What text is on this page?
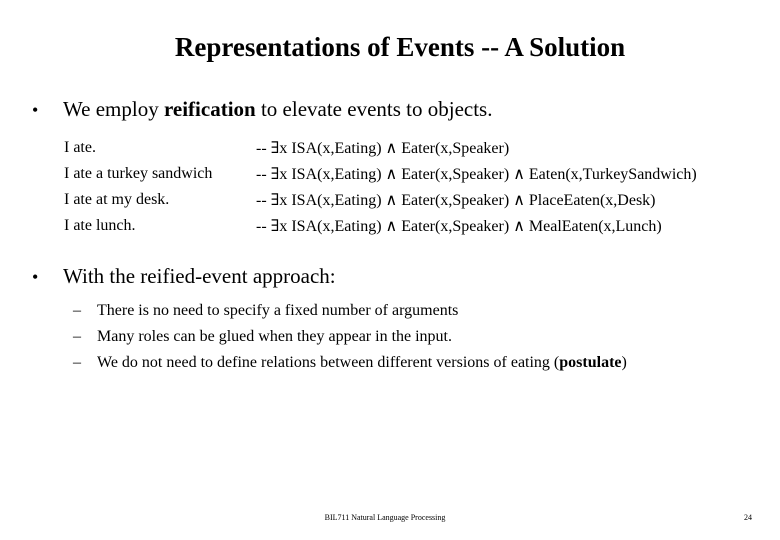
Representations of Events -- A Solution
•	We employ reification to elevate events to objects.
I ate.	-- ∃x ISA(x,Eating) ∧ Eater(x,Speaker)
I ate a turkey sandwich	-- ∃x ISA(x,Eating) ∧ Eater(x,Speaker) ∧ Eaten(x,TurkeySandwich)
I ate at my desk.	-- ∃x ISA(x,Eating) ∧ Eater(x,Speaker) ∧ PlaceEaten(x,Desk)
I ate lunch.	-- ∃x ISA(x,Eating) ∧ Eater(x,Speaker) ∧ MealEaten(x,Lunch)
•	With the reified-event approach:
–	There is no need to specify a fixed number of arguments
–	Many roles can be glued when they appear in the input.
–	We do not need to define relations between different versions of eating (postulate)
BIL711 Natural Language Processing	24
